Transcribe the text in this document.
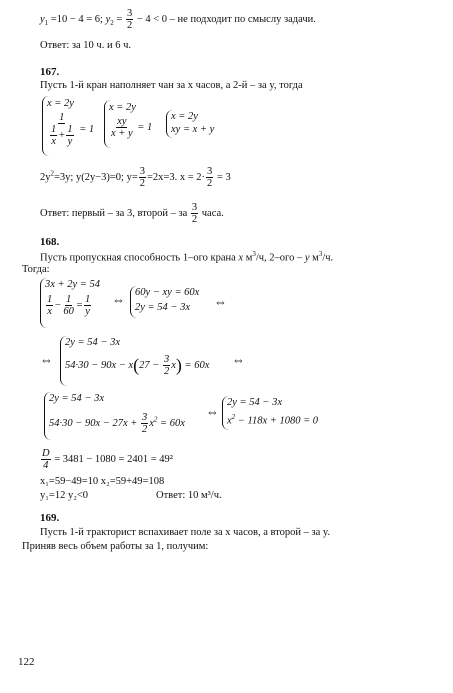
$y_1 =10 - 4 = 6$; $y_2 = \frac{3}{2} - 4 < 0$ – не подходит по смыслу задачи.
Ответ: за 10 ч. и 6 ч.
167.
Пусть 1-й кран наполняет чан за x часов, а 2-й – за y, тогда
x = 2y
$\frac{1}{\frac{1}{x} + \frac{1}{y}} = 1$
x = 2y
$\frac{xy}{x + y} = 1$
x = 2y
xy = x + y
$2y^2=3y$; y(2y−3)=0; $y= \frac{3}{2} =2x=3$. $x = 2\cdot \frac{3}{2} = 3$
Ответ: первый – за 3, второй – за $\frac{3}{2}$ часа.
168.
Пусть пропускная способность 1–ого крана x $м^3/ч$, 2–ого – y $м^3/ч$.
Тогда:
3x + 2y = 54
$\frac{1}{x} - \frac{1}{60} = \frac{1}{y}$ ⇔ 60y − xy = 60x
2y = 54 − 3x ⇔
⇔
2y = 54 − 3x
$54\cdot 30 - 90x - x(27 - \frac{3}{2} x) = 60x$ ⇔
2y = 54 − 3x
$54\cdot 30 - 90x - 27x + \frac{3}{2} x^2 = 60x$
⇔
2y = 54 − 3x
$x^2 - 118x + 1080 = 0$
$\frac{D}{4} = 3481 - 1080 = 2401 = 49^2$
x₁=59−49=10 x₂=59+49=108
y₁=12 y₂<0	Ответ: 10 м³/ч.
169.
Пусть 1-й тракторист вспахивает поле за x часов, а второй – за y.
Приняв весь объем работы за 1, получим:
122
